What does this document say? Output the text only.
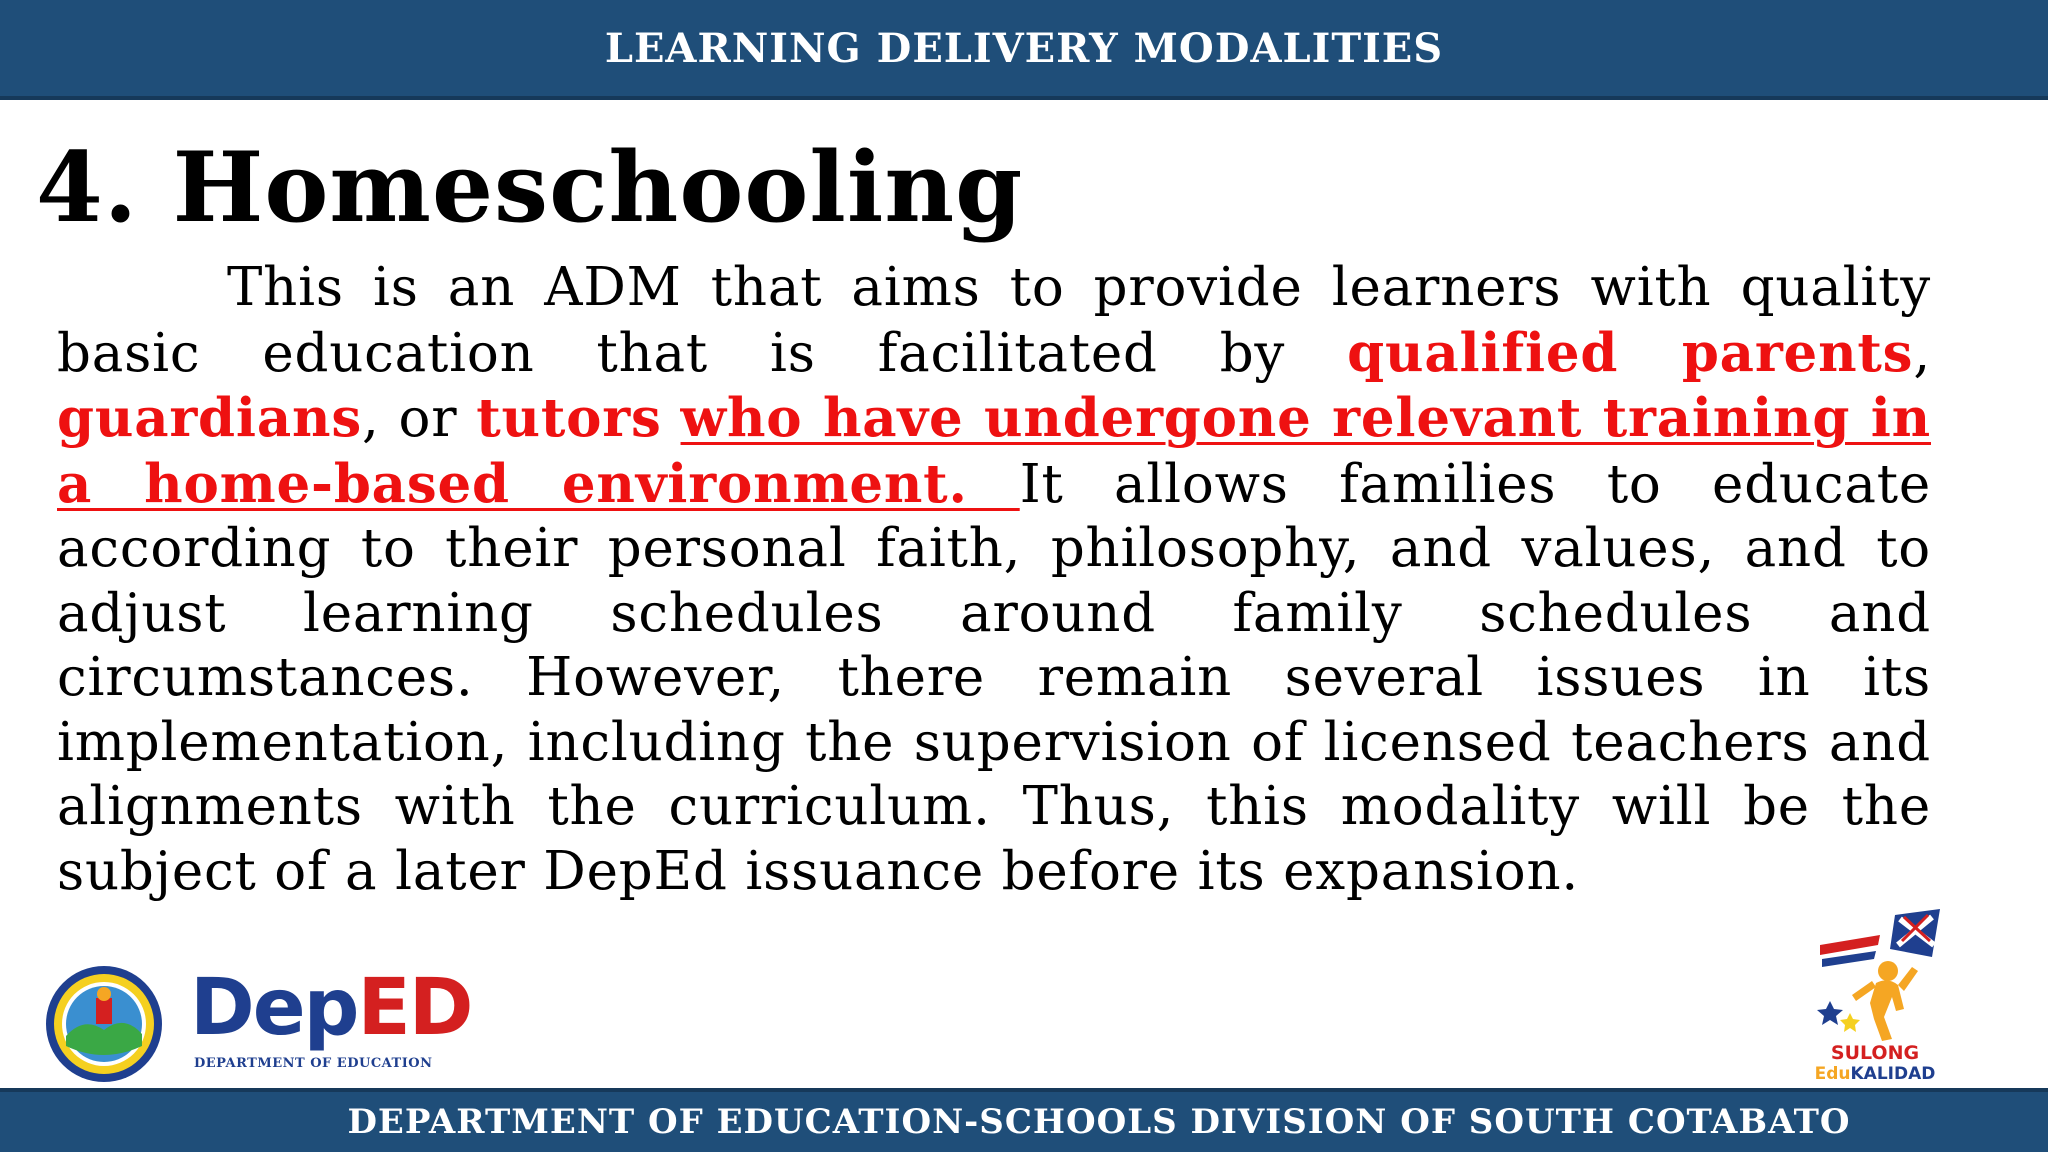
LEARNING DELIVERY MODALITIES
4. Homeschooling

This is an ADM that aims to provide learners with quality basic education that is facilitated by qualified parents, guardians, or tutors who have undergone relevant training in a home-based environment. It allows families to educate according to their personal faith, philosophy, and values, and to adjust learning schedules around family schedules and circumstances. However, there remain several issues in its implementation, including the supervision of licensed teachers and alignments with the curriculum. Thus, this modality will be the subject of a later DepEd issuance before its expansion.

DepED
DEPARTMENT OF EDUCATION	SULONG
EduKALIDAD
DEPARTMENT OF EDUCATION-SCHOOLS DIVISION OF SOUTH COTABATO
